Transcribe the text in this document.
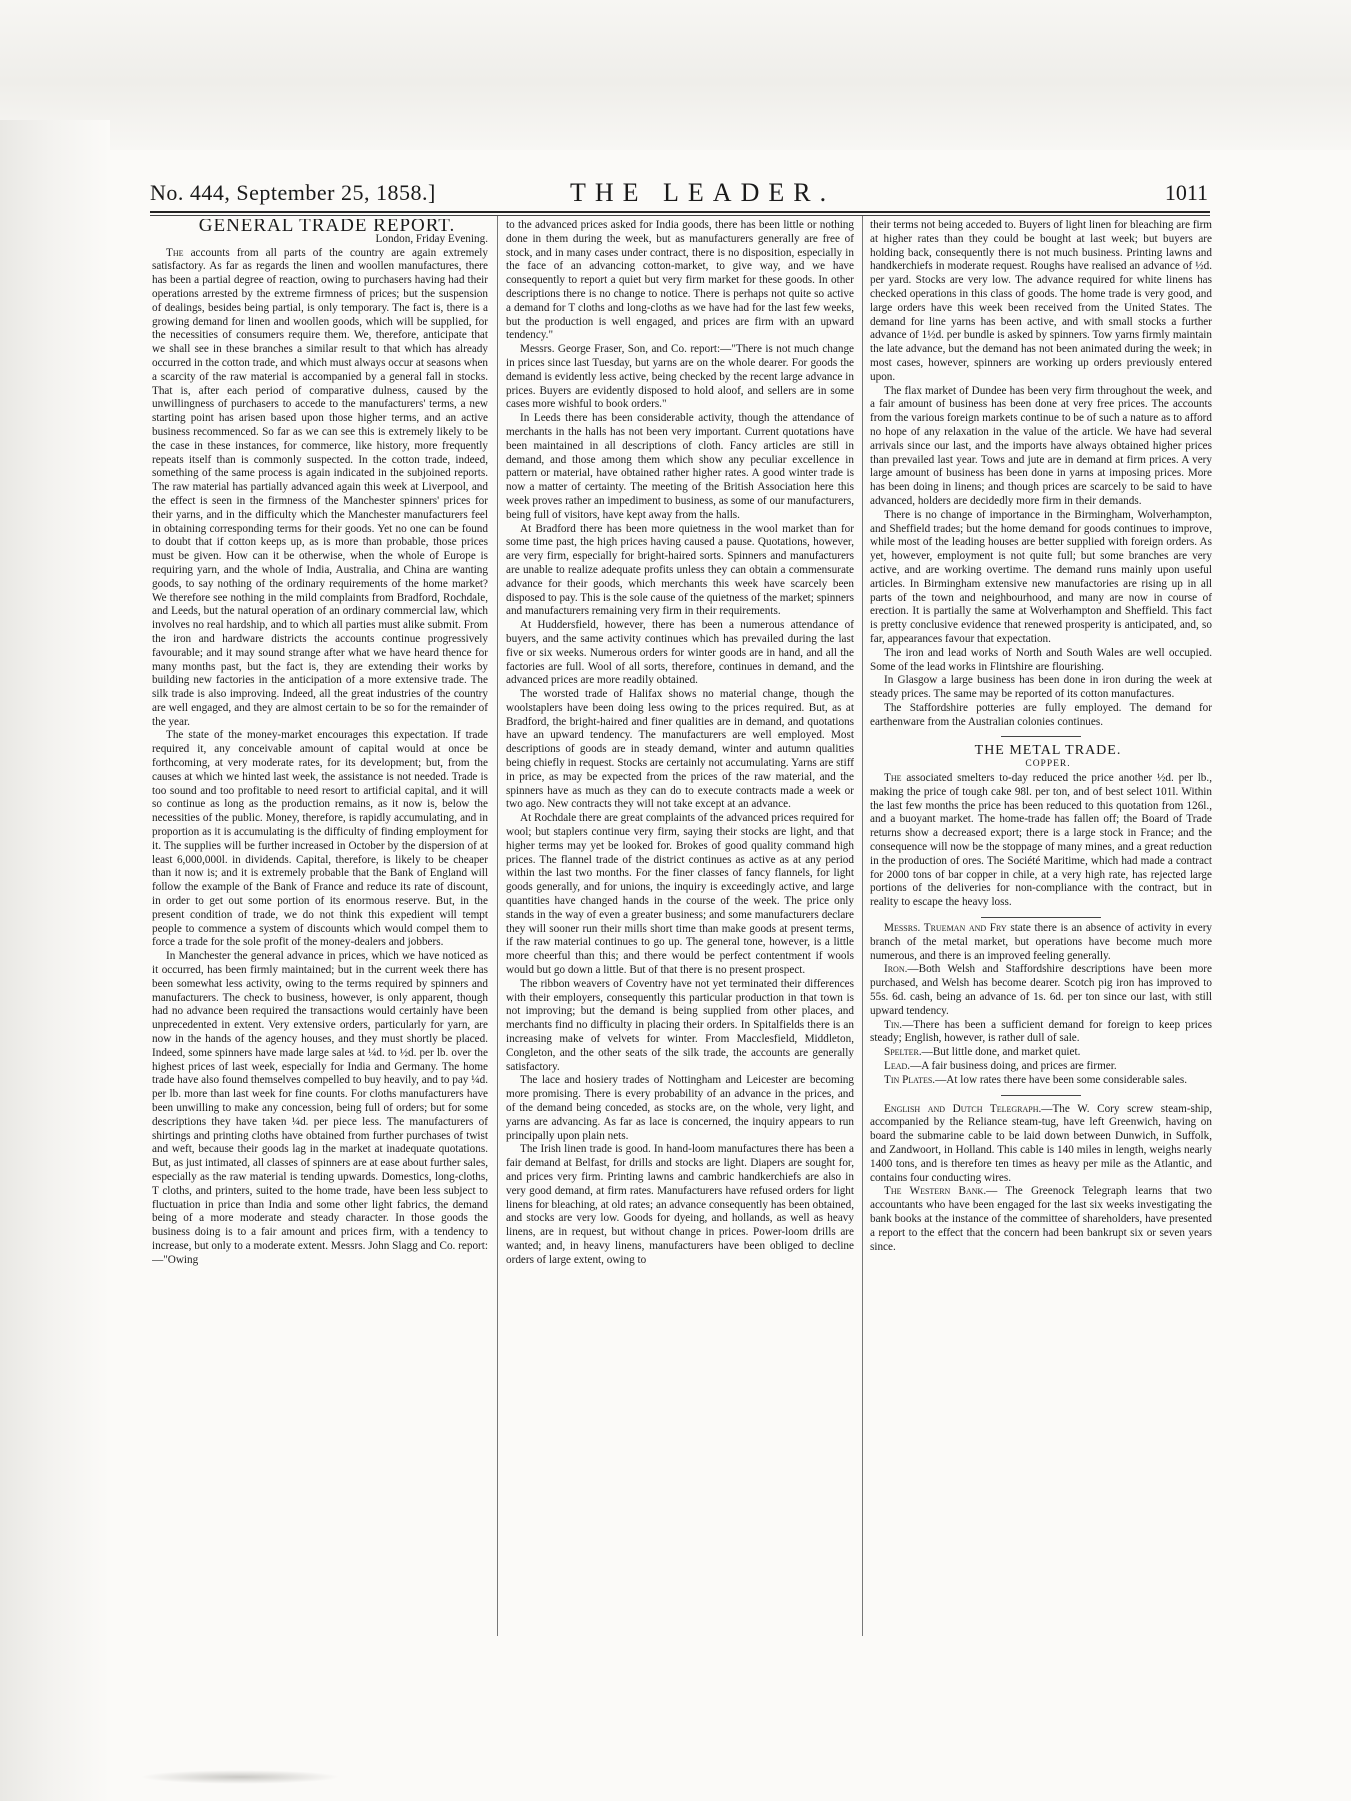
No. 444, September 25, 1858.]	THE LEADER.	1011

GENERAL TRADE REPORT.

London, Friday Evening.

The accounts from all parts of the country are again extremely satisfactory. As far as regards the linen and woollen manufactures, there has been a partial degree of reaction, owing to purchasers having had their operations arrested by the extreme firmness of prices; but the suspension of dealings, besides being partial, is only temporary. The fact is, there is a growing demand for linen and woollen goods, which will be supplied, for the necessities of consumers require them. We, therefore, anticipate that we shall see in these branches a similar result to that which has already occurred in the cotton trade, and which must always occur at seasons when a scarcity of the raw material is accompanied by a general fall in stocks. That is, after each period of comparative dulness, caused by the unwillingness of purchasers to accede to the manufacturers' terms, a new starting point has arisen based upon those higher terms, and an active business recommenced. So far as we can see this is extremely likely to be the case in these instances, for commerce, like history, more frequently repeats itself than is commonly suspected. In the cotton trade, indeed, something of the same process is again indicated in the subjoined reports. The raw material has partially advanced again this week at Liverpool, and the effect is seen in the firmness of the Manchester spinners' prices for their yarns, and in the difficulty which the Manchester manufacturers feel in obtaining corresponding terms for their goods. Yet no one can be found to doubt that if cotton keeps up, as is more than probable, those prices must be given. How can it be otherwise, when the whole of Europe is requiring yarn, and the whole of India, Australia, and China are wanting goods, to say nothing of the ordinary requirements of the home market? We therefore see nothing in the mild complaints from Bradford, Rochdale, and Leeds, but the natural operation of an ordinary commercial law, which involves no real hardship, and to which all parties must alike submit. From the iron and hardware districts the accounts continue progressively favourable; and it may sound strange after what we have heard thence for many months past, but the fact is, they are extending their works by building new factories in the anticipation of a more extensive trade. The silk trade is also improving. Indeed, all the great industries of the country are well engaged, and they are almost certain to be so for the remainder of the year.

The state of the money-market encourages this expectation. If trade required it, any conceivable amount of capital would at once be forthcoming, at very moderate rates, for its development; but, from the causes at which we hinted last week, the assistance is not needed. Trade is too sound and too profitable to need resort to artificial capital, and it will so continue as long as the production remains, as it now is, below the necessities of the public. Money, therefore, is rapidly accumulating, and in proportion as it is accumulating is the difficulty of finding employment for it. The supplies will be further increased in October by the dispersion of at least 6,000,000l. in dividends. Capital, therefore, is likely to be cheaper than it now is; and it is extremely probable that the Bank of England will follow the example of the Bank of France and reduce its rate of discount, in order to get out some portion of its enormous reserve. But, in the present condition of trade, we do not think this expedient will tempt people to commence a system of discounts which would compel them to force a trade for the sole profit of the money-dealers and jobbers.

In Manchester the general advance in prices, which we have noticed as it occurred, has been firmly maintained; but in the current week there has been somewhat less activity, owing to the terms required by spinners and manufacturers. The check to business, however, is only apparent, though had no advance been required the transactions would certainly have been unprecedented in extent. Very extensive orders, particularly for yarn, are now in the hands of the agency houses, and they must shortly be placed. Indeed, some spinners have made large sales at ¼d. to ½d. per lb. over the highest prices of last week, especially for India and Germany. The home trade have also found themselves compelled to buy heavily, and to pay ¼d. per lb. more than last week for fine counts. For cloths manufacturers have been unwilling to make any concession, being full of orders; but for some descriptions they have taken ¼d. per piece less. The manufacturers of shirtings and printing cloths have obtained from further purchases of twist and weft, because their goods lag in the market at inadequate quotations. But, as just intimated, all classes of spinners are at ease about further sales, especially as the raw material is tending upwards. Domestics, long-cloths, T cloths, and printers, suited to the home trade, have been less subject to fluctuation in price than India and some other light fabrics, the demand being of a more moderate and steady character. In those goods the business doing is to a fair amount and prices firm, with a tendency to increase, but only to a moderate extent. Messrs. John Slagg and Co. report:—"Owing

to the advanced prices asked for India goods, there has been little or nothing done in them during the week, but as manufacturers generally are free of stock, and in many cases under contract, there is no disposition, especially in the face of an advancing cotton-market, to give way, and we have consequently to report a quiet but very firm market for these goods. In other descriptions there is no change to notice. There is perhaps not quite so active a demand for T cloths and long-cloths as we have had for the last few weeks, but the production is well engaged, and prices are firm with an upward tendency."

Messrs. George Fraser, Son, and Co. report:—"There is not much change in prices since last Tuesday, but yarns are on the whole dearer. For goods the demand is evidently less active, being checked by the recent large advance in prices. Buyers are evidently disposed to hold aloof, and sellers are in some cases more wishful to book orders."

In Leeds there has been considerable activity, though the attendance of merchants in the halls has not been very important. Current quotations have been maintained in all descriptions of cloth. Fancy articles are still in demand, and those among them which show any peculiar excellence in pattern or material, have obtained rather higher rates. A good winter trade is now a matter of certainty. The meeting of the British Association here this week proves rather an impediment to business, as some of our manufacturers, being full of visitors, have kept away from the halls.

At Bradford there has been more quietness in the wool market than for some time past, the high prices having caused a pause. Quotations, however, are very firm, especially for bright-haired sorts. Spinners and manufacturers are unable to realize adequate profits unless they can obtain a commensurate advance for their goods, which merchants this week have scarcely been disposed to pay. This is the sole cause of the quietness of the market; spinners and manufacturers remaining very firm in their requirements.

At Huddersfield, however, there has been a numerous attendance of buyers, and the same activity continues which has prevailed during the last five or six weeks. Numerous orders for winter goods are in hand, and all the factories are full. Wool of all sorts, therefore, continues in demand, and the advanced prices are more readily obtained.

The worsted trade of Halifax shows no material change, though the woolstaplers have been doing less owing to the prices required. But, as at Bradford, the bright-haired and finer qualities are in demand, and quotations have an upward tendency. The manufacturers are well employed. Most descriptions of goods are in steady demand, winter and autumn qualities being chiefly in request. Stocks are certainly not accumulating. Yarns are stiff in price, as may be expected from the prices of the raw material, and the spinners have as much as they can do to execute contracts made a week or two ago. New contracts they will not take except at an advance.

At Rochdale there are great complaints of the advanced prices required for wool; but staplers continue very firm, saying their stocks are light, and that higher terms may yet be looked for. Brokes of good quality command high prices. The flannel trade of the district continues as active as at any period within the last two months. For the finer classes of fancy flannels, for light goods generally, and for unions, the inquiry is exceedingly active, and large quantities have changed hands in the course of the week. The price only stands in the way of even a greater business; and some manufacturers declare they will sooner run their mills short time than make goods at present terms, if the raw material continues to go up. The general tone, however, is a little more cheerful than this; and there would be perfect contentment if wools would but go down a little. But of that there is no present prospect.

The ribbon weavers of Coventry have not yet terminated their differences with their employers, consequently this particular production in that town is not improving; but the demand is being supplied from other places, and merchants find no difficulty in placing their orders. In Spitalfields there is an increasing make of velvets for winter. From Macclesfield, Middleton, Congleton, and the other seats of the silk trade, the accounts are generally satisfactory.

The lace and hosiery trades of Nottingham and Leicester are becoming more promising. There is every probability of an advance in the prices, and of the demand being conceded, as stocks are, on the whole, very light, and yarns are advancing. As far as lace is concerned, the inquiry appears to run principally upon plain nets.

The Irish linen trade is good. In hand-loom manufactures there has been a fair demand at Belfast, for drills and stocks are light. Diapers are sought for, and prices very firm. Printing lawns and cambric handkerchiefs are also in very good demand, at firm rates. Manufacturers have refused orders for light linens for bleaching, at old rates; an advance consequently has been obtained, and stocks are very low. Goods for dyeing, and hollands, as well as heavy linens, are in request, but without change in prices. Power-loom drills are wanted; and, in heavy linens, manufacturers have been obliged to decline orders of large extent, owing to

their terms not being acceded to. Buyers of light linen for bleaching are firm at higher rates than they could be bought at last week; but buyers are holding back, consequently there is not much business. Printing lawns and handkerchiefs in moderate request. Roughs have realised an advance of ½d. per yard. Stocks are very low. The advance required for white linens has checked operations in this class of goods. The home trade is very good, and large orders have this week been received from the United States. The demand for line yarns has been active, and with small stocks a further advance of 1½d. per bundle is asked by spinners. Tow yarns firmly maintain the late advance, but the demand has not been animated during the week; in most cases, however, spinners are working up orders previously entered upon.

The flax market of Dundee has been very firm throughout the week, and a fair amount of business has been done at very free prices. The accounts from the various foreign markets continue to be of such a nature as to afford no hope of any relaxation in the value of the article. We have had several arrivals since our last, and the imports have always obtained higher prices than prevailed last year. Tows and jute are in demand at firm prices. A very large amount of business has been done in yarns at imposing prices. More has been doing in linens; and though prices are scarcely to be said to have advanced, holders are decidedly more firm in their demands.

There is no change of importance in the Birmingham, Wolverhampton, and Sheffield trades; but the home demand for goods continues to improve, while most of the leading houses are better supplied with foreign orders. As yet, however, employment is not quite full; but some branches are very active, and are working overtime. The demand runs mainly upon useful articles. In Birmingham extensive new manufactories are rising up in all parts of the town and neighbourhood, and many are now in course of erection. It is partially the same at Wolverhampton and Sheffield. This fact is pretty conclusive evidence that renewed prosperity is anticipated, and, so far, appearances favour that expectation.

The iron and lead works of North and South Wales are well occupied. Some of the lead works in Flintshire are flourishing.

In Glasgow a large business has been done in iron during the week at steady prices. The same may be reported of its cotton manufactures.

The Staffordshire potteries are fully employed. The demand for earthenware from the Australian colonies continues.

THE METAL TRADE.

COPPER.

The associated smelters to-day reduced the price another ½d. per lb., making the price of tough cake 98l. per ton, and of best select 101l. Within the last few months the price has been reduced to this quotation from 126l., and a buoyant market. The home-trade has fallen off; the Board of Trade returns show a decreased export; there is a large stock in France; and the consequence will now be the stoppage of many mines, and a great reduction in the production of ores. The Société Maritime, which had made a contract for 2000 tons of bar copper in chile, at a very high rate, has rejected large portions of the deliveries for non-compliance with the contract, but in reality to escape the heavy loss.

Messrs. Trueman and Fry state there is an absence of activity in every branch of the metal market, but operations have become much more numerous, and there is an improved feeling generally.

Iron.—Both Welsh and Staffordshire descriptions have been more purchased, and Welsh has become dearer. Scotch pig iron has improved to 55s. 6d. cash, being an advance of 1s. 6d. per ton since our last, with still upward tendency.

Tin.—There has been a sufficient demand for foreign to keep prices steady; English, however, is rather dull of sale.

Spelter.—But little done, and market quiet.

Lead.—A fair business doing, and prices are firmer.

Tin Plates.—At low rates there have been some considerable sales.

English and Dutch Telegraph.—The W. Cory screw steam-ship, accompanied by the Reliance steam-tug, have left Greenwich, having on board the submarine cable to be laid down between Dunwich, in Suffolk, and Zandwoort, in Holland. This cable is 140 miles in length, weighs nearly 1400 tons, and is therefore ten times as heavy per mile as the Atlantic, and contains four conducting wires.

The Western Bank.— The Greenock Telegraph learns that two accountants who have been engaged for the last six weeks investigating the bank books at the instance of the committee of shareholders, have presented a report to the effect that the concern had been bankrupt six or seven years since.
